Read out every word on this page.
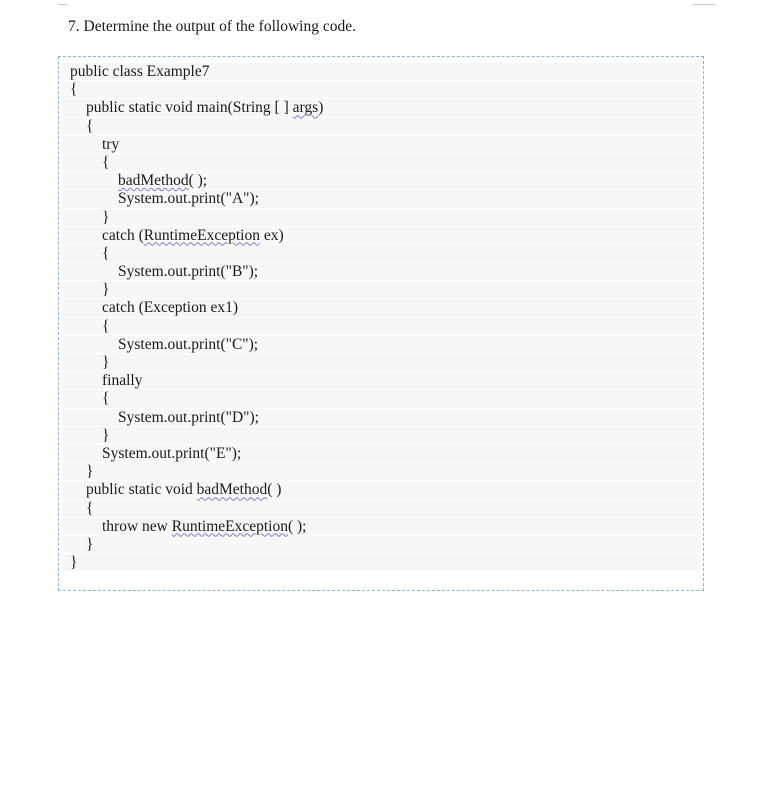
7. Determine the output of the following code.
public class Example7
{
public static void main(String [ ] args)
{
try
{
badMethod( );
System.out.print("A");
}
catch (RuntimeException ex)
{
System.out.print("B");
}
catch (Exception ex1)
{
System.out.print("C");
}
finally
{
System.out.print("D");
}
System.out.print("E");
}
public static void badMethod( )
{
throw new RuntimeException( );
}
}
